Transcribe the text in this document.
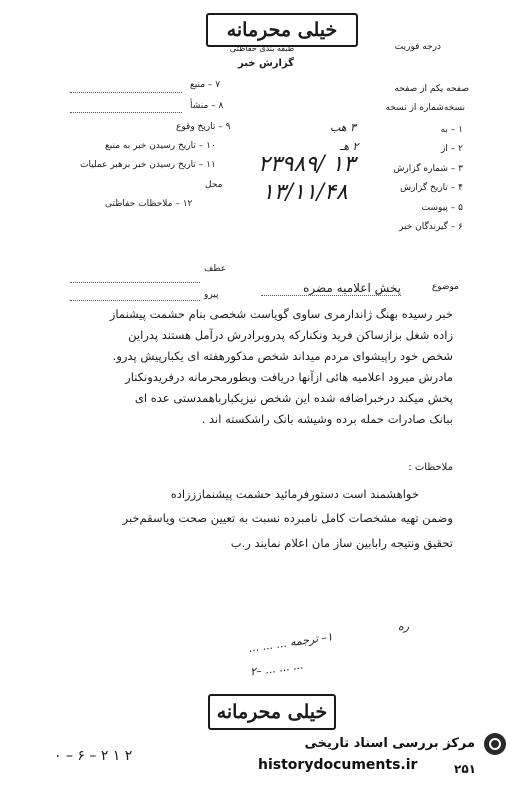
خیلی محرمانه
طبقه بندی حفاظتی	درجه فوریت
گزارش خبر
۷ – منبع
۸ – منشأ
۹ – تاریخ وقوع
۱۰ – تاریخ رسیدن خبر به منبع
۱۱ – تاریخ رسیدن خبر برهبر عملیات
محل
۱۲ – ملاحظات حفاظتی
صفحه یکم از صفحه
نسخه‌شماره از نسخه
۱ – به
۳ هب
۲ – از
۲ هـ
۳ – شماره گزارش
۲۳۹۸۹/ ۱۳
۴ – تاریخ گزارش
۱۳/۱۱/۴۸
۵ – پیوست
۶ – گیرندگان خبر
عطف
پیرو
موضوع
پخش اعلامیه مضره
خبر رسیده بهنگ ژاندارمری ساوی گویاست شخصی بنام حشمت پیشنماز
زاده شغل بزازساکن فرید ونکنارکه پدروبرادرش درآمل هستند پدراین
شخص خود راپیشوای مردم میداند شخص مذکورهفته ای یکبارپیش پدرو.
مادرش میرود اعلامیه هائی ازآنها دریافت وبطورمحرمانه درفریدونکنار
پخش میکند درخبراضافه شده این شخص نیزیکبارباهمدستی عده ای
ببانک صادرات حمله برده وشیشه بانک راشکسته اند .
ملاحظات :
خواهشمند است دستورفرمائید حشمت پیشنمازززاده
وضمن تهیه مشخصات کامل نامبرده نسبت به تعیین صحت ویاسقم‌خبر
تحقیق ونتیجه رابابین ساز مان اعلام نمایند ‌ر.ب
ره
۱– ترجمه ... ... ...
۲– ... ... ...
خیلی محرمانه
۰ – ۶ – ۲ ۱ ۲
مرکز بررسی اسناد تاریخی
historydocuments.ir	۲۵۱
